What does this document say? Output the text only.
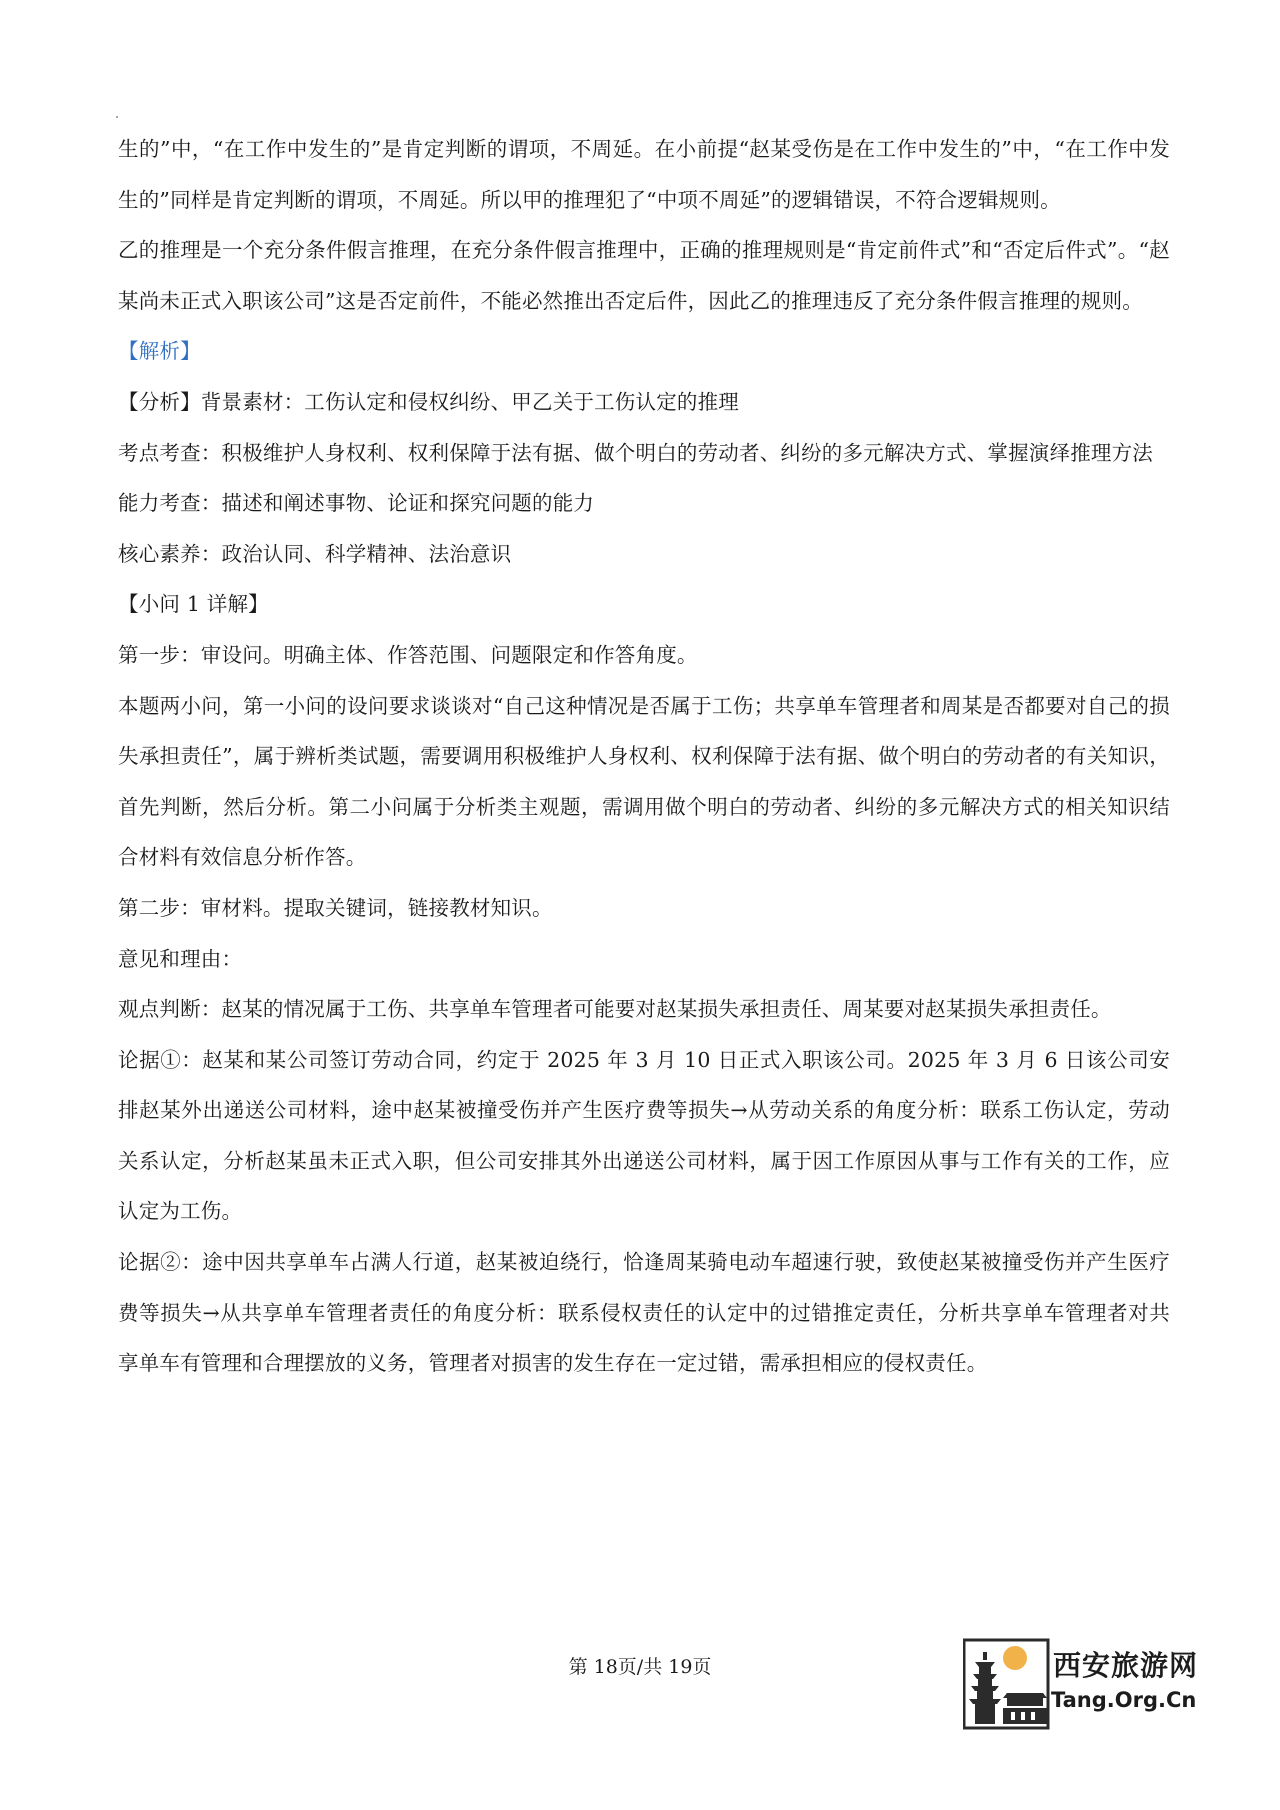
生的”中，“在工作中发生的”是肯定判断的谓项，不周延。在小前提“赵某受伤是在工作中发生的”中，“在工作中发生的”同样是肯定判断的谓项，不周延。所以甲的推理犯了“中项不周延”的逻辑错误，不符合逻辑规则。

乙的推理是一个充分条件假言推理，在充分条件假言推理中，正确的推理规则是“肯定前件式”和“否定后件式”。“赵某尚未正式入职该公司”这是否定前件，不能必然推出否定后件，因此乙的推理违反了充分条件假言推理的规则。

【解析】

【分析】背景素材：工伤认定和侵权纠纷、甲乙关于工伤认定的推理

考点考查：积极维护人身权利、权利保障于法有据、做个明白的劳动者、纠纷的多元解决方式、掌握演绎推理方法

能力考查：描述和阐述事物、论证和探究问题的能力

核心素养：政治认同、科学精神、法治意识

【小问 1 详解】

第一步：审设问。明确主体、作答范围、问题限定和作答角度。

本题两小问，第一小问的设问要求谈谈对“自己这种情况是否属于工伤；共享单车管理者和周某是否都要对自己的损失承担责任”，属于辨析类试题，需要调用积极维护人身权利、权利保障于法有据、做个明白的劳动者的有关知识，首先判断，然后分析。第二小问属于分析类主观题，需调用做个明白的劳动者、纠纷的多元解决方式的相关知识结合材料有效信息分析作答。

第二步：审材料。提取关键词，链接教材知识。

意见和理由：

观点判断：赵某的情况属于工伤、共享单车管理者可能要对赵某损失承担责任、周某要对赵某损失承担责任。

论据①：赵某和某公司签订劳动合同，约定于 2025 年 3 月 10 日正式入职该公司。2025 年 3 月 6 日该公司安排赵某外出递送公司材料，途中赵某被撞受伤并产生医疗费等损失→从劳动关系的角度分析：联系工伤认定，劳动关系认定，分析赵某虽未正式入职，但公司安排其外出递送公司材料，属于因工作原因从事与工作有关的工作，应认定为工伤。

论据②：途中因共享单车占满人行道，赵某被迫绕行，恰逢周某骑电动车超速行驶，致使赵某被撞受伤并产生医疗费等损失→从共享单车管理者责任的角度分析：联系侵权责任的认定中的过错推定责任，分析共享单车管理者对共享单车有管理和合理摆放的义务，管理者对损害的发生存在一定过错，需承担相应的侵权责任。

第 18页/共 19页	西安旅游网
Tang.Org.Cn
